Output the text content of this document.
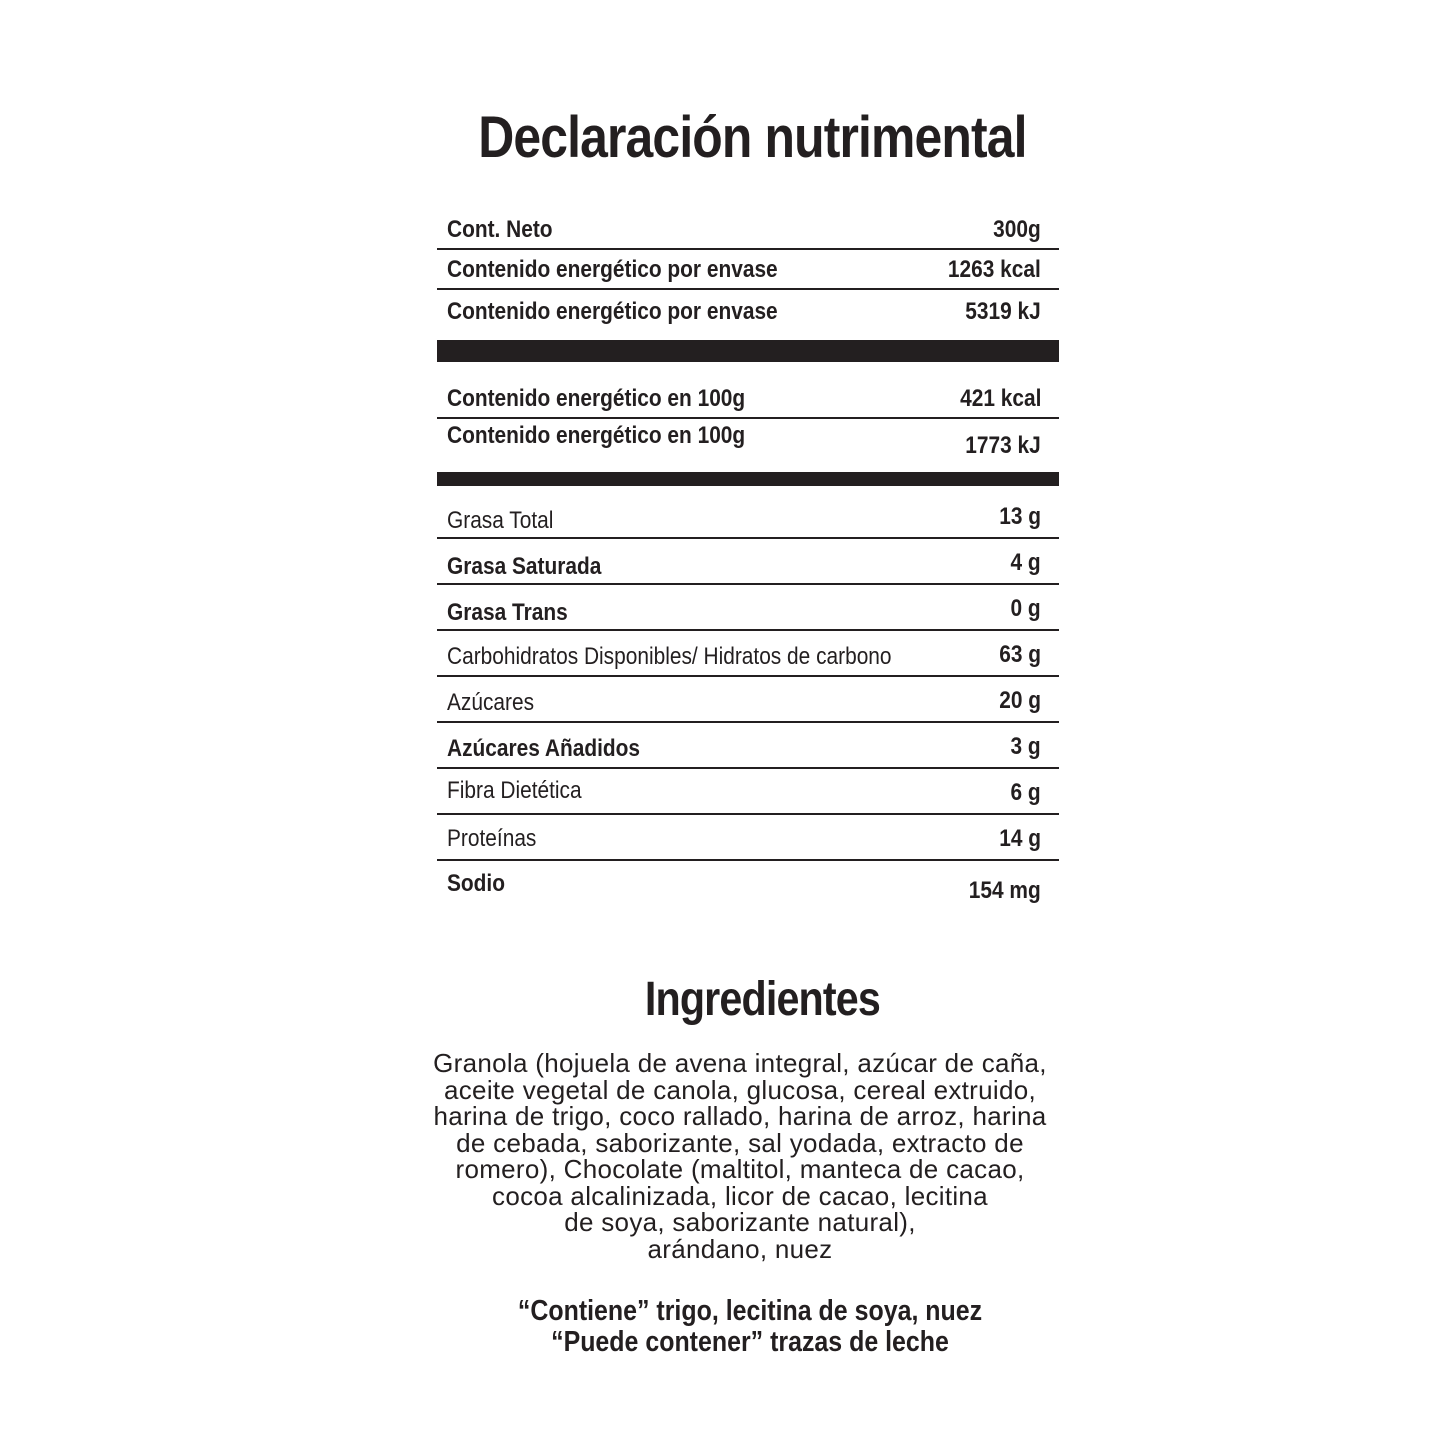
Declaración nutrimental
Cont. Neto	300g
Contenido energético por envase	1263 kcal
Contenido energético por envase	5319 kJ
Contenido energético en 100g	421 kcal
Contenido energético en 100g	1773 kJ
Grasa Total	13 g
Grasa Saturada	4 g
Grasa Trans	0 g
Carbohidratos Disponibles/ Hidratos de carbono	63 g
Azúcares	20 g
Azúcares Añadidos	3 g
Fibra Dietética	6 g
Proteínas	14 g
Sodio	154 mg
Ingredientes
Granola (hojuela de avena integral, azúcar de caña,
aceite vegetal de canola, glucosa, cereal extruido,
harina de trigo, coco rallado, harina de arroz, harina
de cebada, saborizante, sal yodada, extracto de
romero), Chocolate (maltitol, manteca de cacao,
cocoa alcalinizada, licor de cacao, lecitina
de soya, saborizante natural),
arándano, nuez
“Contiene” trigo, lecitina de soya, nuez
“Puede contener” trazas de leche
